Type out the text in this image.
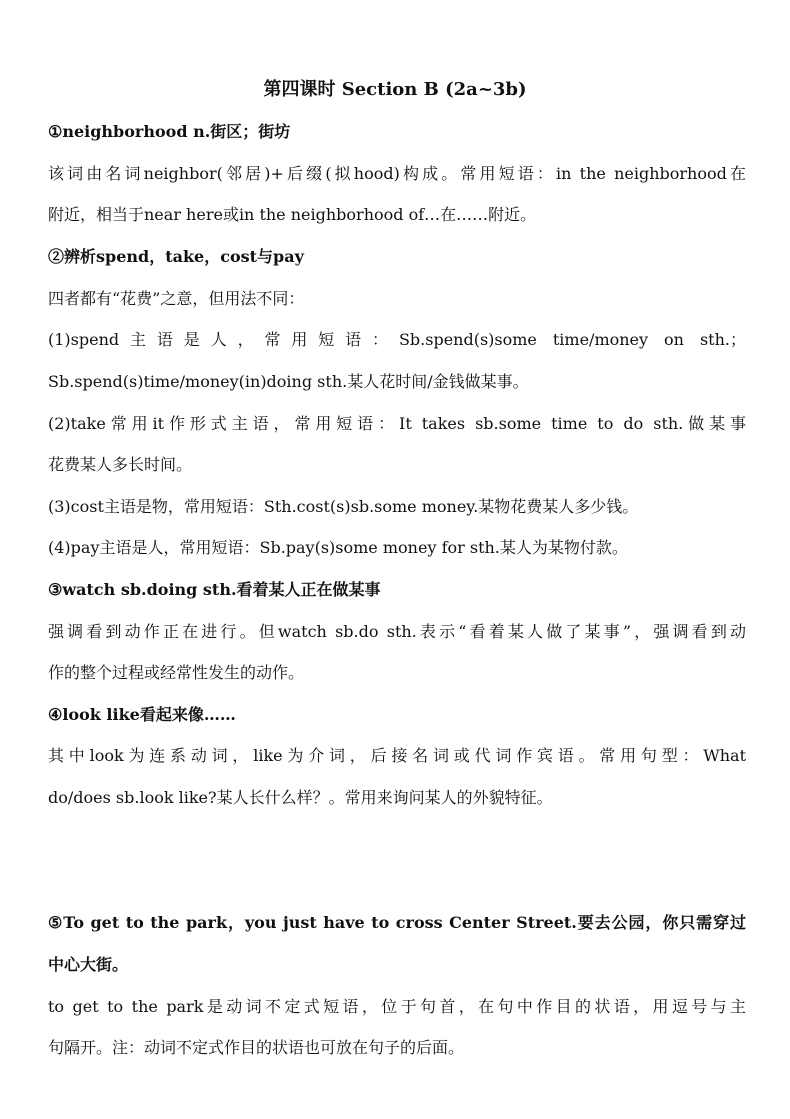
第四课时 Section B (2a~3b)
①neighborhood n.街区；街坊
该词由名词neighbor(邻居)+后缀(拟hood)构成。常用短语：in the neighborhood在
附近，相当于near here或in the neighborhood of…在……附近。
②辨析spend，take，cost与pay
四者都有“花费”之意，但用法不同：
(1)spend主语是人，常用短语：Sb.spend(s)some time/money on sth.；
Sb.spend(s)time/money(in)doing sth.某人花时间/金钱做某事。
(2)take常用it作形式主语，常用短语：It takes sb.some time to do sth.做某事
花费某人多长时间。
(3)cost主语是物，常用短语：Sth.cost(s)sb.some money.某物花费某人多少钱。
(4)pay主语是人，常用短语：Sb.pay(s)some money for sth.某人为某物付款。
③watch sb.doing sth.看着某人正在做某事
强调看到动作正在进行。但watch sb.do sth.表示“看着某人做了某事”，强调看到动
作的整个过程或经常性发生的动作。
④look like看起来像……
其中look为连系动词，like为介词，后接名词或代词作宾语。常用句型：What
do/does sb.look like?某人长什么样？。常用来询问某人的外貌特征。
⑤To get to the park，you just have to cross Center Street.要去公园，你只需穿过
中心大街。
to get to the park是动词不定式短语，位于句首，在句中作目的状语，用逗号与主
句隔开。注：动词不定式作目的状语也可放在句子的后面。
